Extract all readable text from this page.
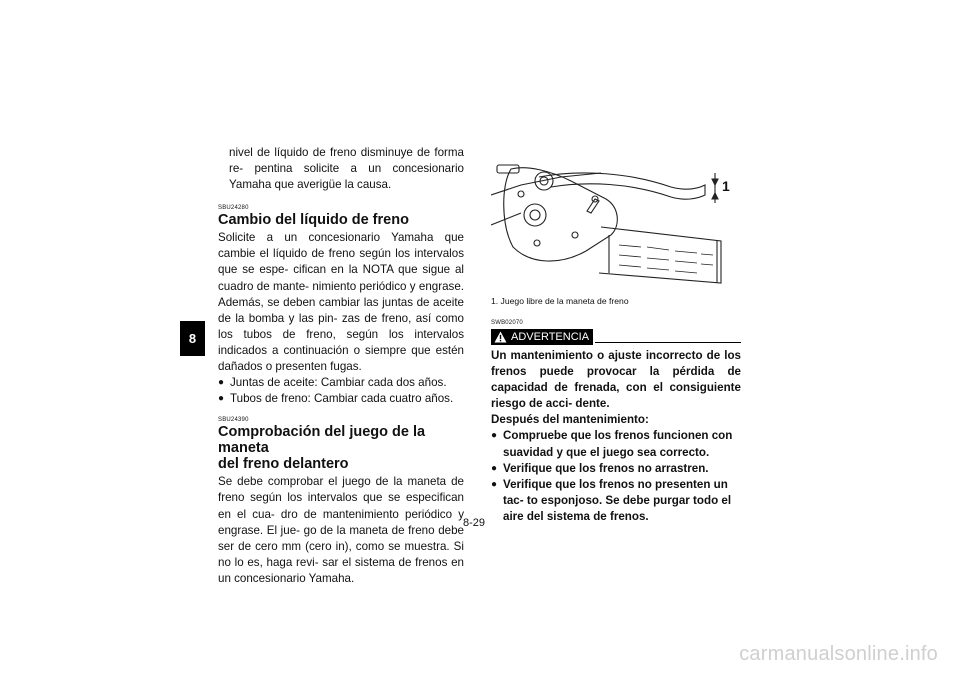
8

nivel de líquido de freno disminuye de forma re- pentina solicite a un concesionario Yamaha que averigüe la causa.

SBU24280
Cambio del líquido de freno

Solicite a un concesionario Yamaha que cambie el líquido de freno según los intervalos que se espe- cifican en la NOTA que sigue al cuadro de mante- nimiento periódico y engrase. Además, se deben cambiar las juntas de aceite de la bomba y las pin- zas de freno, así como los tubos de freno, según los intervalos indicados a continuación o siempre que estén dañados o presenten fugas.

● Juntas de aceite: Cambiar cada dos años.

● Tubos de freno: Cambiar cada cuatro años.

SBU24390
Comprobación del juego de la maneta
del freno delantero

Se debe comprobar el juego de la maneta de freno según los intervalos que se especifican en el cua- dro de mantenimiento periódico y engrase. El jue- go de la maneta de freno debe ser de cero mm (cero in), como se muestra. Si no lo es, haga revi- sar el sistema de frenos en un concesionario Yamaha.

1
1. Juego libre de la maneta de freno
SWB02070
ADVERTENCIA

Un mantenimiento o ajuste incorrecto de los frenos puede provocar la pérdida de capacidad de frenada, con el consiguiente riesgo de acci- dente.

Después del mantenimiento:

● Compruebe que los frenos funcionen con suavidad y que el juego sea correcto.

● Verifique que los frenos no arrastren.

● Verifique que los frenos no presenten un tac- to esponjoso. Se debe purgar todo el aire del sistema de frenos.

8-29
carmanualsonline.info
